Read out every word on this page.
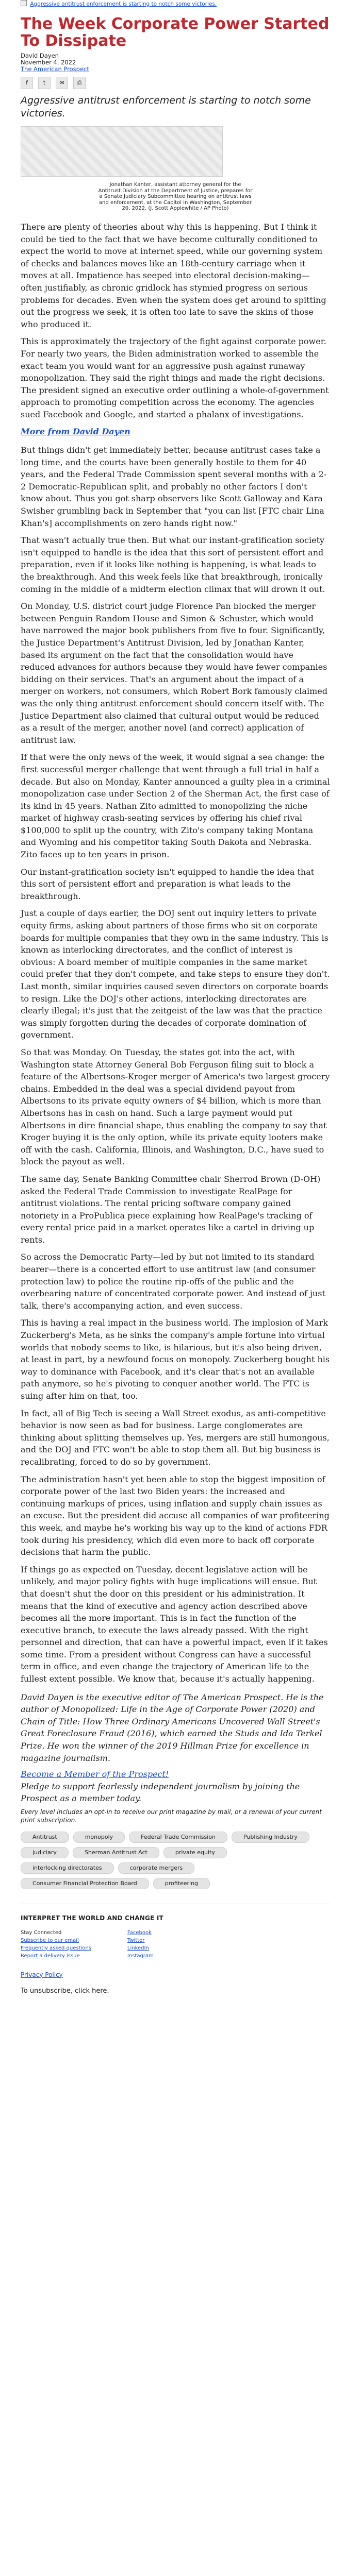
Aggressive antitrust enforcement is starting to notch some victories.
The Week Corporate Power Started To Dissipate
David Dayen
November 4, 2022
The American Prospect
f	t	✉	⎙
Aggressive antitrust enforcement is starting to notch some victories.
Jonathan Kanter, assistant attorney general for the Antitrust Division at the Department of Justice, prepares for a Senate Judiciary Subcommittee hearing on antitrust laws and enforcement, at the Capitol in Washington, September 20, 2022. (J. Scott Applewhite / AP Photo)

There are plenty of theories about why this is happening. But I think it could be tied to the fact that we have become culturally conditioned to expect the world to move at internet speed, while our governing system of checks and balances moves like an 18th-century carriage when it moves at all. Impatience has seeped into electoral decision-making—often justifiably, as chronic gridlock has stymied progress on serious problems for decades. Even when the system does get around to spitting out the progress we seek, it is often too late to save the skins of those who produced it.

This is approximately the trajectory of the fight against corporate power. For nearly two years, the Biden administration worked to assemble the exact team you would want for an aggressive push against runaway monopolization. They said the right things and made the right decisions. The president signed an executive order outlining a whole-of-government approach to promoting competition across the economy. The agencies sued Facebook and Google, and started a phalanx of investigations.

More from David Dayen

But things didn't get immediately better, because antitrust cases take a long time, and the courts have been generally hostile to them for 40 years, and the Federal Trade Commission spent several months with a 2-2 Democratic-Republican split, and probably no other factors I don't know about. Thus you got sharp observers like Scott Galloway and Kara Swisher grumbling back in September that "you can list [FTC chair Lina Khan's] accomplishments on zero hands right now."

That wasn't actually true then. But what our instant-gratification society isn't equipped to handle is the idea that this sort of persistent effort and preparation, even if it looks like nothing is happening, is what leads to the breakthrough. And this week feels like that breakthrough, ironically coming in the middle of a midterm election climax that will drown it out.

On Monday, U.S. district court judge Florence Pan blocked the merger between Penguin Random House and Simon & Schuster, which would have narrowed the major book publishers from five to four. Significantly, the Justice Department's Antitrust Division, led by Jonathan Kanter, based its argument on the fact that the consolidation would have reduced advances for authors because they would have fewer companies bidding on their services. That's an argument about the impact of a merger on workers, not consumers, which Robert Bork famously claimed was the only thing antitrust enforcement should concern itself with. The Justice Department also claimed that cultural output would be reduced as a result of the merger, another novel (and correct) application of antitrust law.

If that were the only news of the week, it would signal a sea change: the first successful merger challenge that went through a full trial in half a decade. But also on Monday, Kanter announced a guilty plea in a criminal monopolization case under Section 2 of the Sherman Act, the first case of its kind in 45 years. Nathan Zito admitted to monopolizing the niche market of highway crash-seating services by offering his chief rival $100,000 to split up the country, with Zito's company taking Montana and Wyoming and his competitor taking South Dakota and Nebraska. Zito faces up to ten years in prison.

Our instant-gratification society isn't equipped to handle the idea that this sort of persistent effort and preparation is what leads to the breakthrough.

Just a couple of days earlier, the DOJ sent out inquiry letters to private equity firms, asking about partners of those firms who sit on corporate boards for multiple companies that they own in the same industry. This is known as interlocking directorates, and the conflict of interest is obvious: A board member of multiple companies in the same market could prefer that they don't compete, and take steps to ensure they don't. Last month, similar inquiries caused seven directors on corporate boards to resign. Like the DOJ's other actions, interlocking directorates are clearly illegal; it's just that the zeitgeist of the law was that the practice was simply forgotten during the decades of corporate domination of government.

So that was Monday. On Tuesday, the states got into the act, with Washington state Attorney General Bob Ferguson filing suit to block a feature of the Albertsons-Kroger merger of America's two largest grocery chains. Embedded in the deal was a special dividend payout from Albertsons to its private equity owners of $4 billion, which is more than Albertsons has in cash on hand. Such a large payment would put Albertsons in dire financial shape, thus enabling the company to say that Kroger buying it is the only option, while its private equity looters make off with the cash. California, Illinois, and Washington, D.C., have sued to block the payout as well.

The same day, Senate Banking Committee chair Sherrod Brown (D-OH) asked the Federal Trade Commission to investigate RealPage for antitrust violations. The rental pricing software company gained notoriety in a ProPublica piece explaining how RealPage's tracking of every rental price paid in a market operates like a cartel in driving up rents.

So across the Democratic Party—led by but not limited to its standard bearer—there is a concerted effort to use antitrust law (and consumer protection law) to police the routine rip-offs of the public and the overbearing nature of concentrated corporate power. And instead of just talk, there's accompanying action, and even success.

This is having a real impact in the business world. The implosion of Mark Zuckerberg's Meta, as he sinks the company's ample fortune into virtual worlds that nobody seems to like, is hilarious, but it's also being driven, at least in part, by a newfound focus on monopoly. Zuckerberg bought his way to dominance with Facebook, and it's clear that's not an available path anymore, so he's pivoting to conquer another world. The FTC is suing after him on that, too.

In fact, all of Big Tech is seeing a Wall Street exodus, as anti-competitive behavior is now seen as bad for business. Large conglomerates are thinking about splitting themselves up. Yes, mergers are still humongous, and the DOJ and FTC won't be able to stop them all. But big business is recalibrating, forced to do so by government.

The administration hasn't yet been able to stop the biggest imposition of corporate power of the last two Biden years: the increased and continuing markups of prices, using inflation and supply chain issues as an excuse. But the president did accuse all companies of war profiteering this week, and maybe he's working his way up to the kind of actions FDR took during his presidency, which did even more to back off corporate decisions that harm the public.

If things go as expected on Tuesday, decent legislative action will be unlikely, and major policy fights with huge implications will ensue. But that doesn't shut the door on this president or his administration. It means that the kind of executive and agency action described above becomes all the more important. This is in fact the function of the executive branch, to execute the laws already passed. With the right personnel and direction, that can have a powerful impact, even if it takes some time. From a president without Congress can have a successful term in office, and even change the trajectory of American life to the fullest extent possible. We know that, because it's actually happening.

David Dayen is the executive editor of The American Prospect. He is the author of Monopolized: Life in the Age of Corporate Power (2020) and Chain of Title: How Three Ordinary Americans Uncovered Wall Street's Great Foreclosure Fraud (2016), which earned the Studs and Ida Terkel Prize. He won the winner of the 2019 Hillman Prize for excellence in magazine journalism.

Become a Member of the Prospect!
Pledge to support fearlessly independent journalism by joining the Prospect as a member today.
Every level includes an opt-in to receive our print magazine by mail, or a renewal of your current print subscription.
Antitrust	monopoly	Federal Trade Commission	Publishing Industry
judiciary	Sherman Antitrust Act	private equity
interlocking directorates	corporate mergers
Consumer Financial Protection Board	profiteering
INTERPRET THE WORLD AND CHANGE IT
Stay Connected
Subscribe to our email
Frequently asked questions
Report a delivery issue
Facebook
Twitter
LinkedIn
Instagram
Privacy Policy
To unsubscribe, click here.
